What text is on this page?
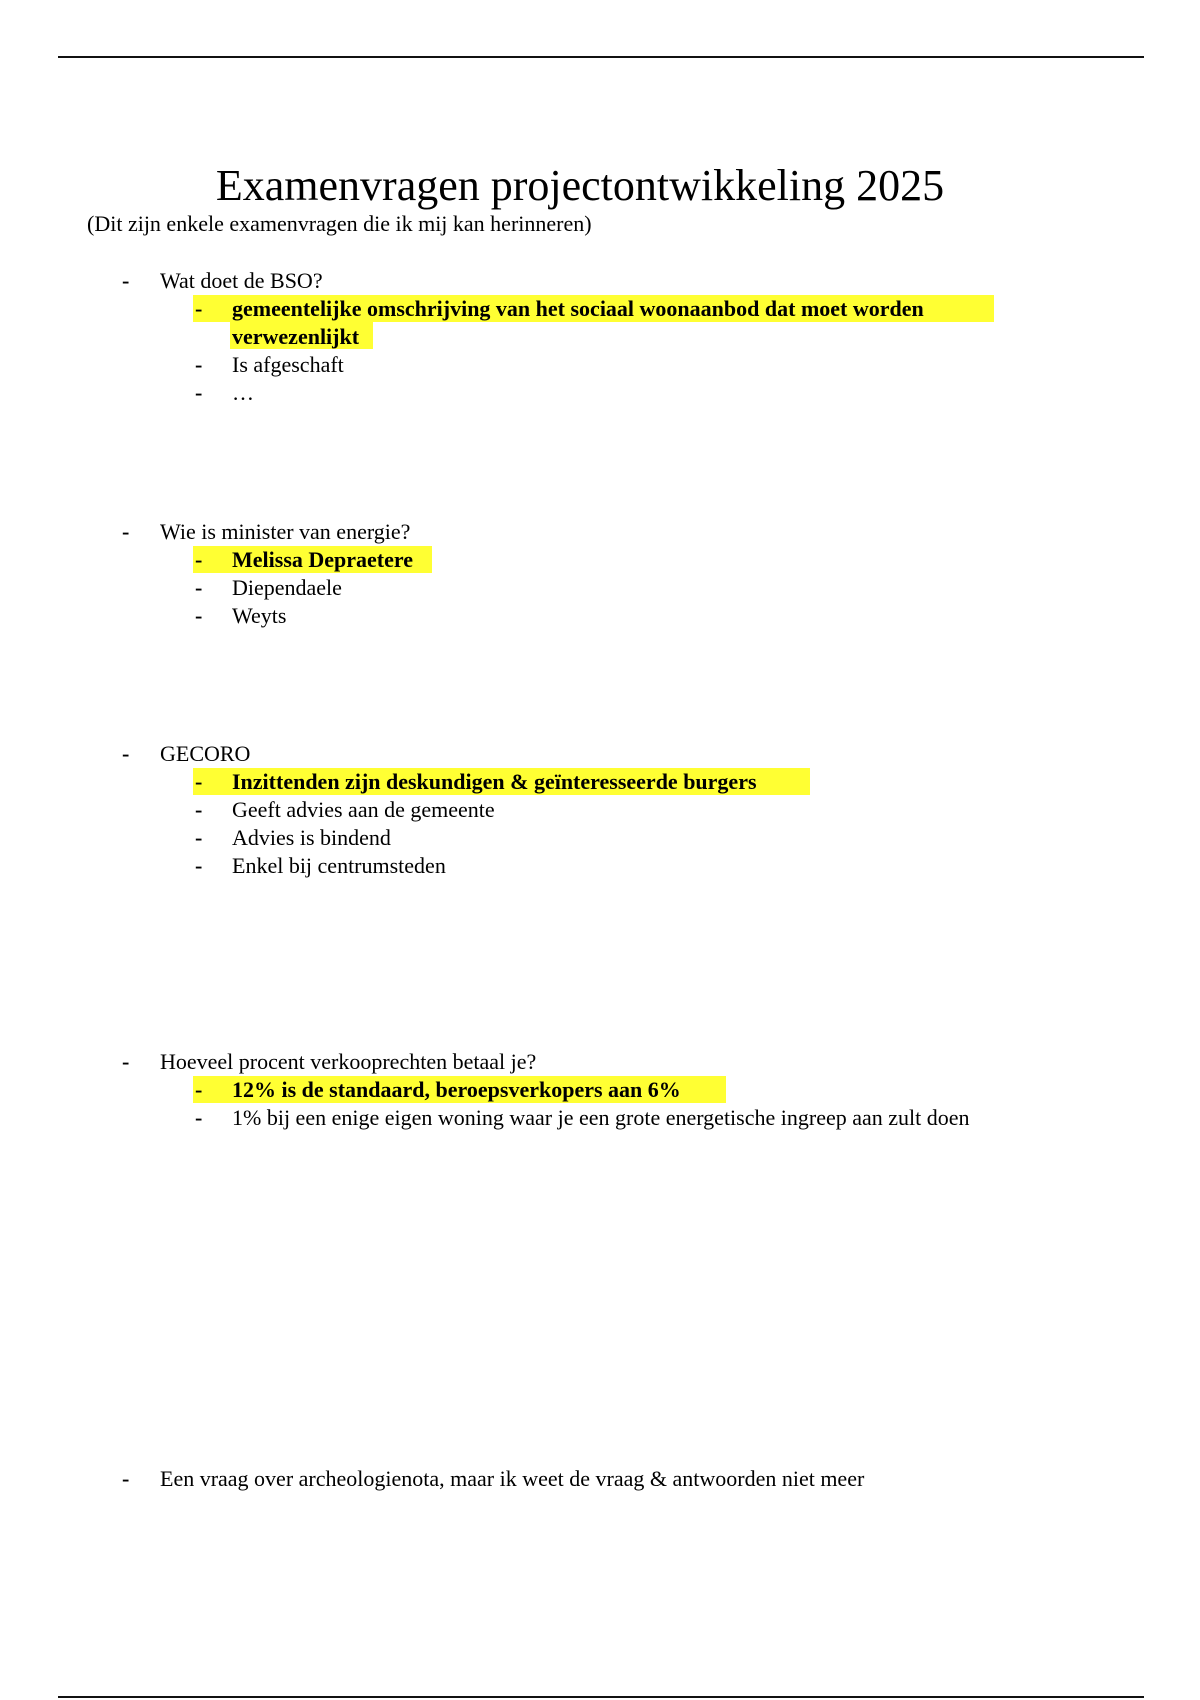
Examenvragen projectontwikkeling 2025
(Dit zijn enkele examenvragen die ik mij kan herinneren)
- Wat doet de BSO?
- gemeentelijke omschrijving van het sociaal woonaanbod dat moet worden
verwezenlijkt
- Is afgeschaft
- …
- Wie is minister van energie?
- Melissa Depraetere
- Diependaele
- Weyts
- GECORO
- Inzittenden zijn deskundigen & geïnteresseerde burgers
- Geeft advies aan de gemeente
- Advies is bindend
- Enkel bij centrumsteden
- Hoeveel procent verkooprechten betaal je?
- 12% is de standaard, beroepsverkopers aan 6%
- 1% bij een enige eigen woning waar je een grote energetische ingreep aan zult doen
- Een vraag over archeologienota, maar ik weet de vraag & antwoorden niet meer
